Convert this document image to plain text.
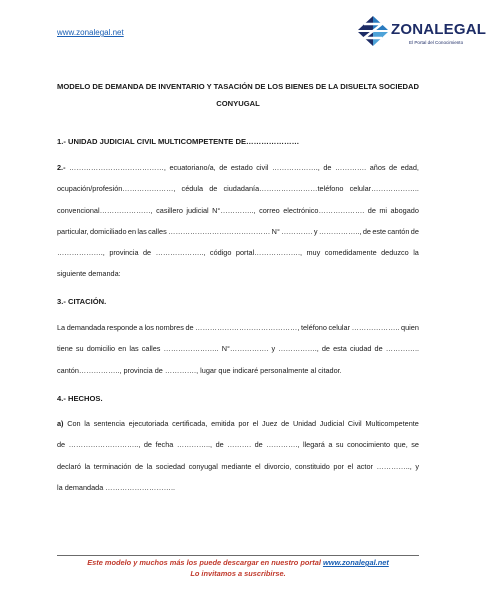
www.zonalegal.net	ZONALEGAL
El Portal del Conocimiento
MODELO DE DEMANDA DE INVENTARIO Y TASACIÓN DE LOS BIENES DE LA DISUELTA SOCIEDAD
CONYUGAL
1.- UNIDAD JUDICIAL CIVIL MULTICOMPETENTE DE…………………
2.- …………………………………, ecuatoriano/a, de estado civil ………………., de …………. años de edad,
ocupación/profesión…………………, cédula de ciudadanía……………………teléfono celular………………..
convencional…………………, casillero judicial N°………….., correo electrónico………………. de mi abogado
particular, domiciliado en las calles …………………………………… N° …………. y …………….., de este cantón de
………………., provincia de ……………….., código portal………………., muy comedidamente deduzco la
siguiente demanda:
3.- CITACIÓN.
La demandada responde a los nombres de ……………………………………, teléfono celular ……………….. quien
tiene su domicilio en las calles ………………….. N°……………. y ……………., de esta ciudad de …………..
cantón…………….., provincia de …………., lugar que indicaré personalmente al citador.
4.- HECHOS.
a) Con la sentencia ejecutoriada certificada, emitida por el Juez de Unidad Judicial Civil Multicompetente
de ……………………….., de fecha ………….., de ………. de …………., llegará a su conocimiento que, se
declaró la terminación de la sociedad conyugal mediante el divorcio, constituido por el actor ………….., y
la demandada ………………………..
Este modelo y muchos más los puede descargar en nuestro portal www.zonalegal.net
Lo invitamos a suscribirse.
